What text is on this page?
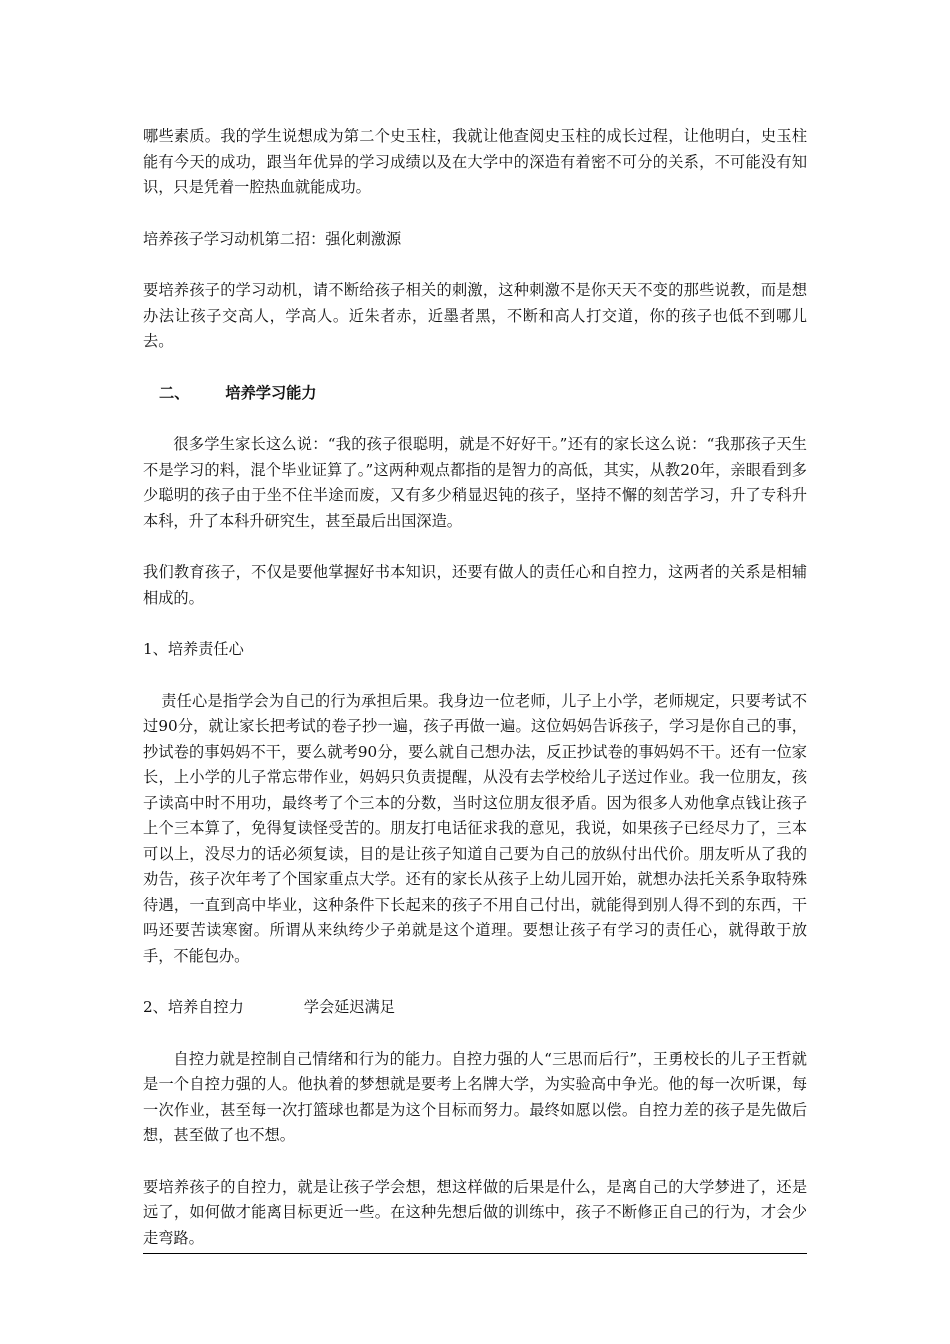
哪些素质。我的学生说想成为第二个史玉柱，我就让他查阅史玉柱的成长过程，让他明白，史玉柱能有今天的成功，跟当年优异的学习成绩以及在大学中的深造有着密不可分的关系，不可能没有知识，只是凭着一腔热血就能成功。

培养孩子学习动机第二招：强化刺激源

要培养孩子的学习动机，请不断给孩子相关的刺激，这种刺激不是你天天不变的那些说教，而是想办法让孩子交高人，学高人。近朱者赤，近墨者黑，不断和高人打交道，你的孩子也低不到哪儿去。

二、 培养学习能力

很多学生家长这么说：“我的孩子很聪明，就是不好好干。”还有的家长这么说：“我那孩子天生不是学习的料，混个毕业证算了。”这两种观点都指的是智力的高低，其实，从教20年，亲眼看到多少聪明的孩子由于坐不住半途而废，又有多少稍显迟钝的孩子，坚持不懈的刻苦学习，升了专科升本科，升了本科升研究生，甚至最后出国深造。

我们教育孩子，不仅是要他掌握好书本知识，还要有做人的责任心和自控力，这两者的关系是相辅相成的。

1、培养责任心

责任心是指学会为自己的行为承担后果。我身边一位老师，儿子上小学，老师规定，只要考试不过90分，就让家长把考试的卷子抄一遍，孩子再做一遍。这位妈妈告诉孩子，学习是你自己的事，抄试卷的事妈妈不干，要么就考90分，要么就自己想办法，反正抄试卷的事妈妈不干。还有一位家长，上小学的儿子常忘带作业，妈妈只负责提醒，从没有去学校给儿子送过作业。我一位朋友，孩子读高中时不用功，最终考了个三本的分数，当时这位朋友很矛盾。因为很多人劝他拿点钱让孩子上个三本算了，免得复读怪受苦的。朋友打电话征求我的意见，我说，如果孩子已经尽力了，三本可以上，没尽力的话必须复读，目的是让孩子知道自己要为自己的放纵付出代价。朋友听从了我的劝告，孩子次年考了个国家重点大学。还有的家长从孩子上幼儿园开始，就想办法托关系争取特殊待遇，一直到高中毕业，这种条件下长起来的孩子不用自己付出，就能得到别人得不到的东西，干吗还要苦读寒窗。所谓从来纨绔少子弟就是这个道理。要想让孩子有学习的责任心，就得敢于放手，不能包办。

2、培养自控力	学会延迟满足

自控力就是控制自己情绪和行为的能力。自控力强的人“三思而后行”，王勇校长的儿子王哲就是一个自控力强的人。他执着的梦想就是要考上名牌大学，为实验高中争光。他的每一次听课，每一次作业，甚至每一次打篮球也都是为这个目标而努力。最终如愿以偿。自控力差的孩子是先做后想，甚至做了也不想。

要培养孩子的自控力，就是让孩子学会想，想这样做的后果是什么，是离自己的大学梦进了，还是远了，如何做才能离目标更近一些。在这种先想后做的训练中，孩子不断修正自己的行为，才会少走弯路。
